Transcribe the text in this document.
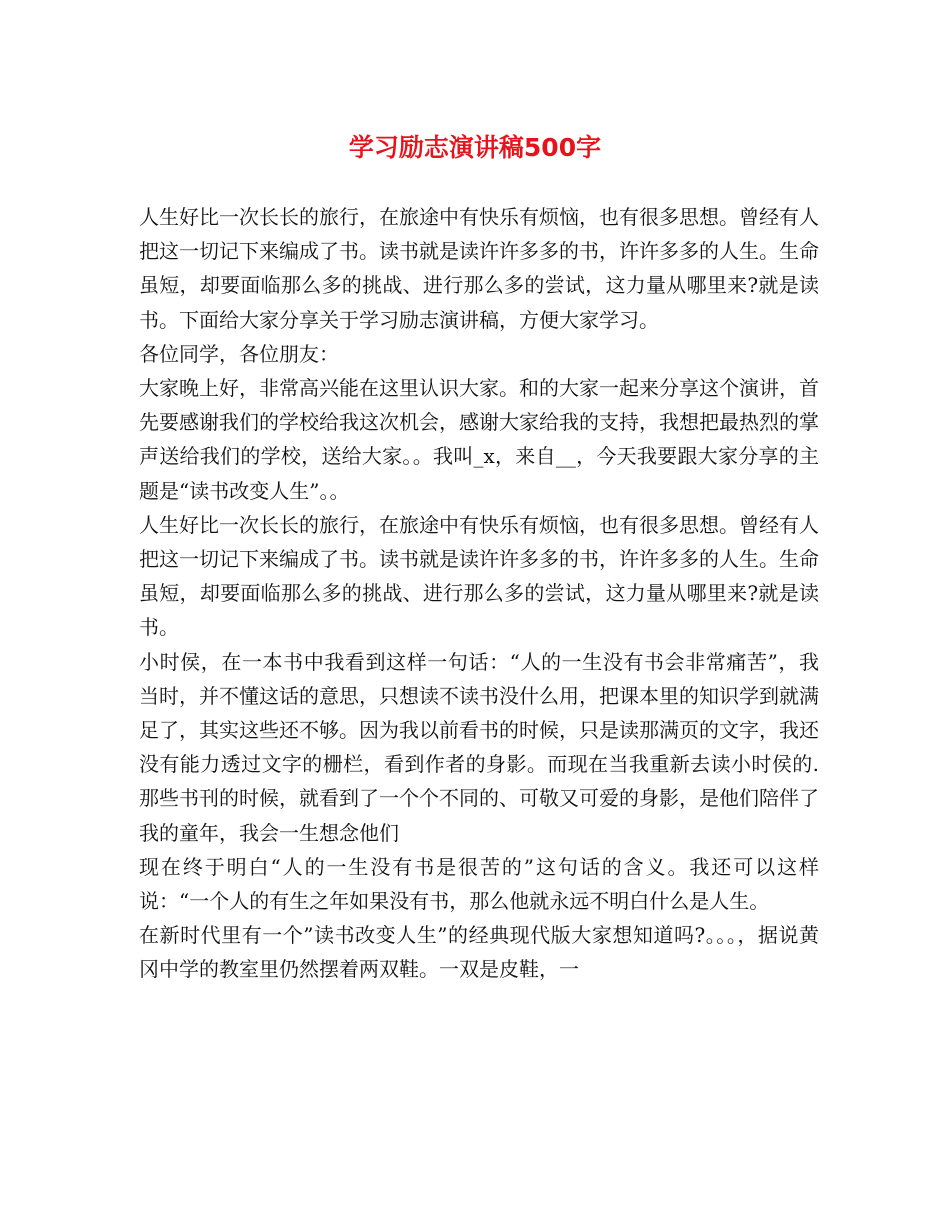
学习励志演讲稿500字

人生好比一次长长的旅行，在旅途中有快乐有烦恼，也有很多思想。曾经有人把这一切记下来编成了书。读书就是读许许多多的书，许许多多的人生。生命虽短，却要面临那么多的挑战、进行那么多的尝试，这力量从哪里来?就是读书。下面给大家分享关于学习励志演讲稿，方便大家学习。

各位同学，各位朋友：

大家晚上好，非常高兴能在这里认识大家。和的大家一起来分享这个演讲，首先要感谢我们的学校给我这次机会，感谢大家给我的支持，我想把最热烈的掌声送给我们的学校，送给大家。。我叫_x，来自__，今天我要跟大家分享的主题是“读书改变人生”。。

人生好比一次长长的旅行，在旅途中有快乐有烦恼，也有很多思想。曾经有人把这一切记下来编成了书。读书就是读许许多多的书，许许多多的人生。生命虽短，却要面临那么多的挑战、进行那么多的尝试，这力量从哪里来?就是读书。

小时侯，在一本书中我看到这样一句话：“人的一生没有书会非常痛苦”，我当时，并不懂这话的意思，只想读不读书没什么用，把课本里的知识学到就满足了，其实这些还不够。因为我以前看书的时候，只是读那满页的文字，我还没有能力透过文字的栅栏，看到作者的身影。而现在当我重新去读小时侯的.那些书刊的时候，就看到了一个个不同的、可敬又可爱的身影，是他们陪伴了我的童年，我会一生想念他们

现在终于明白“人的一生没有书是很苦的”这句话的含义。我还可以这样说：“一个人的有生之年如果没有书，那么他就永远不明白什么是人生。

在新时代里有一个”读书改变人生”的经典现代版大家想知道吗?。。。，据说黄冈中学的教室里仍然摆着两双鞋。一双是皮鞋，一
